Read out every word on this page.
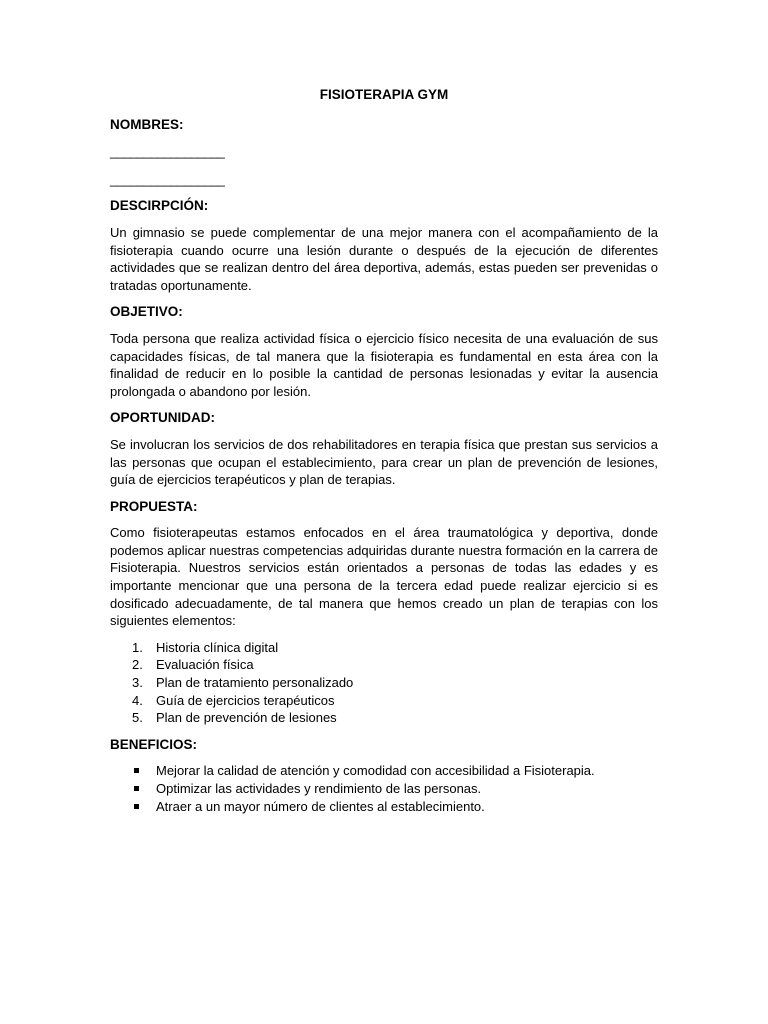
FISIOTERAPIA GYM

NOMBRES:

_________________

_________________

DESCIRPCIÓN:

Un gimnasio se puede complementar de una mejor manera con el acompañamiento de la fisioterapia cuando ocurre una lesión durante o después de la ejecución de diferentes actividades que se realizan dentro del área deportiva, además, estas pueden ser prevenidas o tratadas oportunamente.

OBJETIVO:

Toda persona que realiza actividad física o ejercicio físico necesita de una evaluación de sus capacidades físicas, de tal manera que la fisioterapia es fundamental en esta área con la finalidad de reducir en lo posible la cantidad de personas lesionadas y evitar la ausencia prolongada o abandono por lesión.

OPORTUNIDAD:

Se involucran los servicios de dos rehabilitadores en terapia física que prestan sus servicios a las personas que ocupan el establecimiento, para crear un plan de prevención de lesiones, guía de ejercicios terapéuticos y plan de terapias.

PROPUESTA:

Como fisioterapeutas estamos enfocados en el área traumatológica y deportiva, donde podemos aplicar nuestras competencias adquiridas durante nuestra formación en la carrera de Fisioterapia. Nuestros servicios están orientados a personas de todas las edades y es importante mencionar que una persona de la tercera edad puede realizar ejercicio si es dosificado adecuadamente, de tal manera que hemos creado un plan de terapias con los siguientes elementos:

1. Historia clínica digital
2. Evaluación física
3. Plan de tratamiento personalizado
4. Guía de ejercicios terapéuticos
5. Plan de prevención de lesiones

BENEFICIOS:

Mejorar la calidad de atención y comodidad con accesibilidad a Fisioterapia.
Optimizar las actividades y rendimiento de las personas.
Atraer a un mayor número de clientes al establecimiento.
